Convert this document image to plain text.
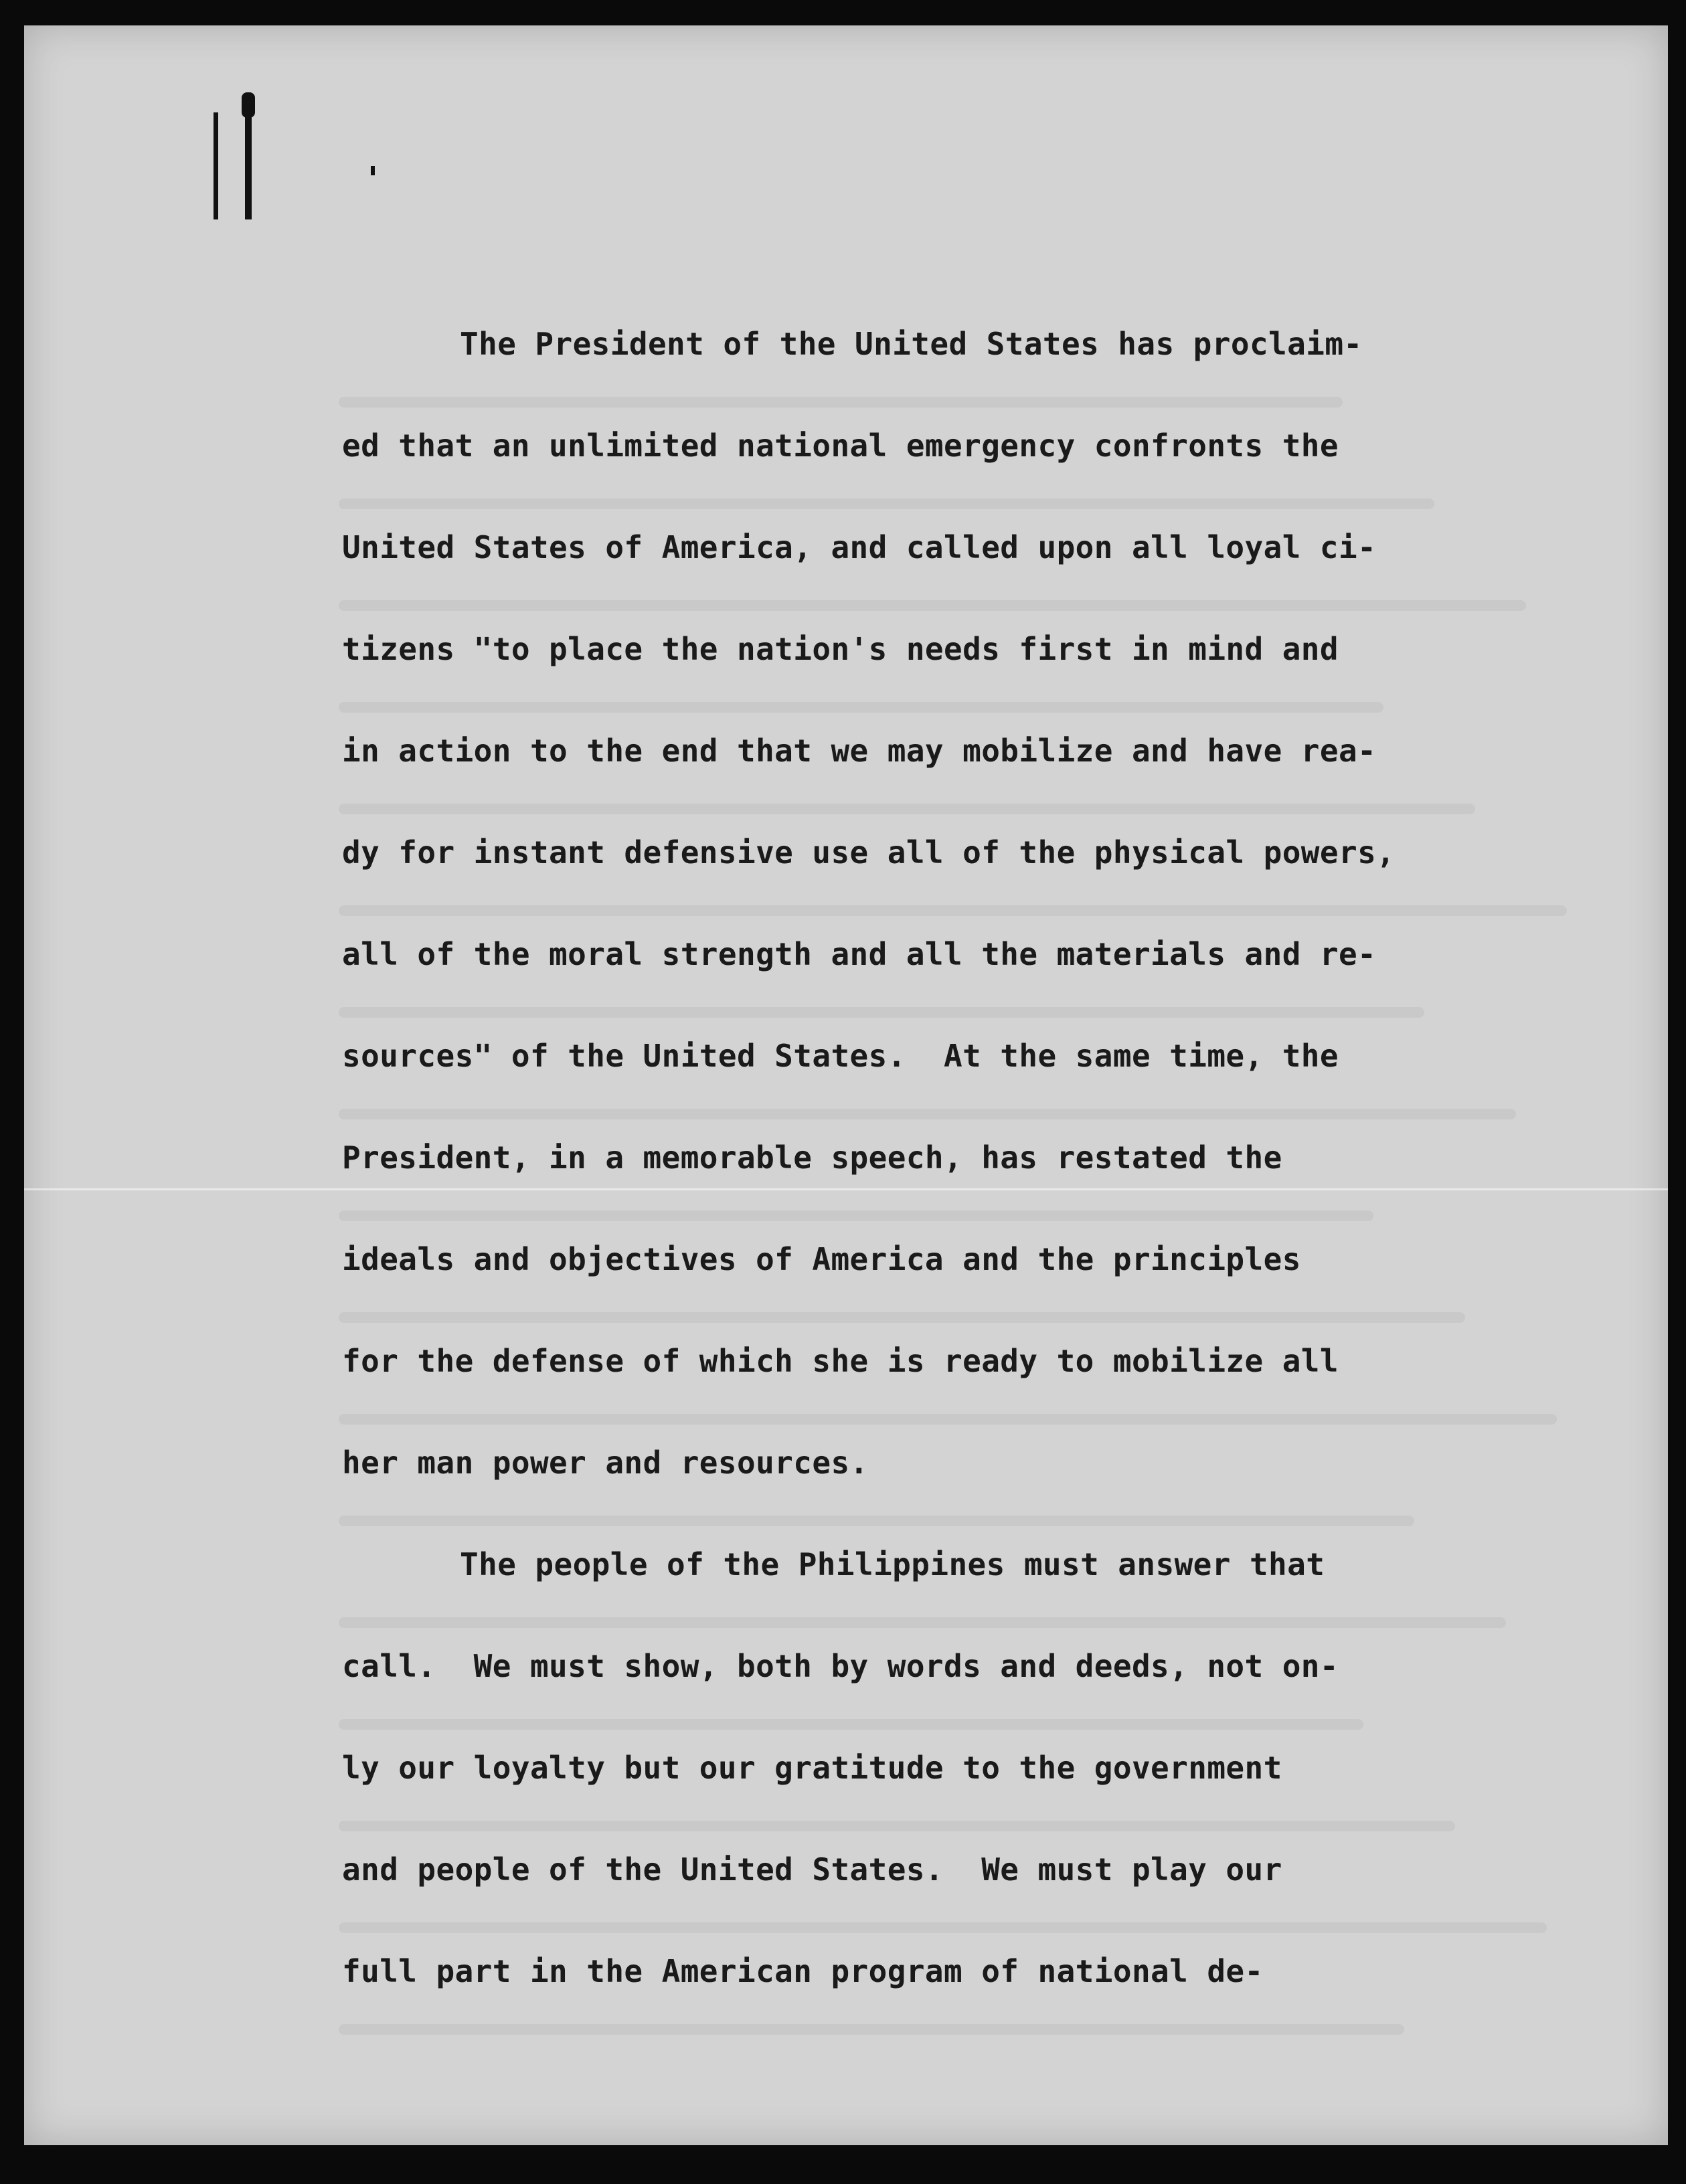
The President of the United States has proclaim-
ed that an unlimited national emergency confronts the
United States of America, and called upon all loyal ci-
tizens "to place the nation's needs first in mind and
in action to the end that we may mobilize and have rea-
dy for instant defensive use all of the physical powers,
all of the moral strength and all the materials and re-
sources" of the United States.  At the same time, the
President, in a memorable speech, has restated the
ideals and objectives of America and the principles
for the defense of which she is ready to mobilize all
her man power and resources.
The people of the Philippines must answer that
call.  We must show, both by words and deeds, not on-
ly our loyalty but our gratitude to the government
and people of the United States.  We must play our
full part in the American program of national de-
